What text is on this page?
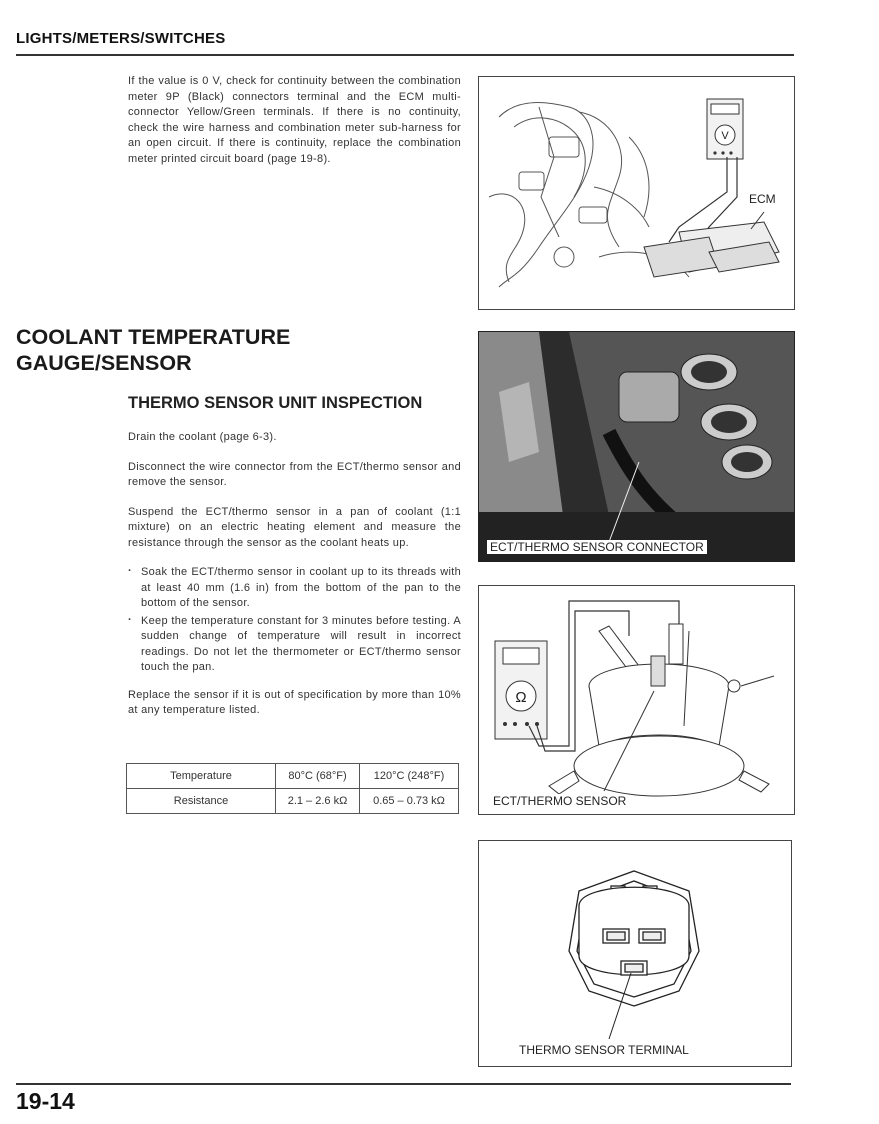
LIGHTS/METERS/SWITCHES
If the value is 0 V, check for continuity between the combination meter 9P (Black) connectors terminal and the ECM multi-connector Yellow/Green terminals. If there is no continuity, check the wire harness and combination meter sub-harness for an open circuit. If there is continuity, replace the combination meter printed circuit board (page 19-8).
V
ECM
COOLANT TEMPERATURE
GAUGE/SENSOR
THERMO SENSOR UNIT INSPECTION

Drain the coolant (page 6-3).

Disconnect the wire connector from the ECT/thermo sensor and remove the sensor.

Suspend the ECT/thermo sensor in a pan of coolant (1:1 mixture) on an electric heating element and measure the resistance through the sensor as the coolant heats up.

· Soak the ECT/thermo sensor in coolant up to its threads with at least 40 mm (1.6 in) from the bottom of the pan to the bottom of the sensor.
· Keep the temperature constant for 3 minutes before testing. A sudden change of temperature will result in incorrect readings. Do not let the thermometer or ECT/thermo sensor touch the pan.

Replace the sensor if it is out of specification by more than 10% at any temperature listed.

Temperature	80°C (68°F)	120°C (248°F)
Resistance	2.1 – 2.6 kΩ	0.65 – 0.73 kΩ
ECT/THERMO SENSOR CONNECTOR
Ω
ECT/THERMO SENSOR
THERMO SENSOR TERMINAL
19-14
